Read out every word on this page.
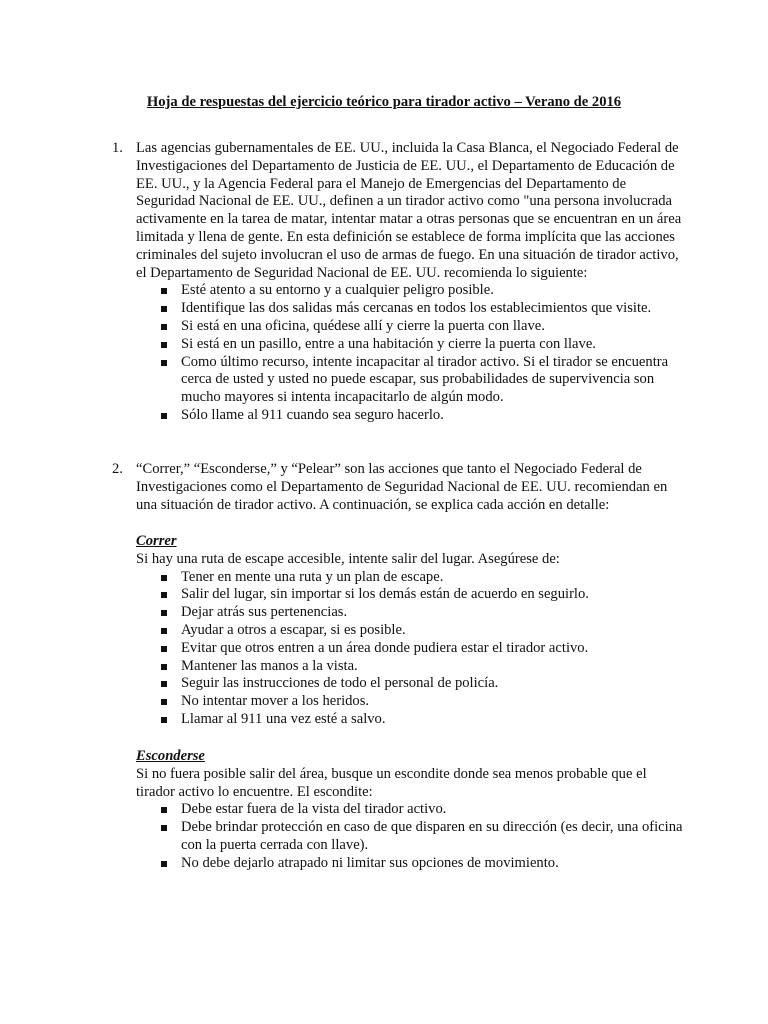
Hoja de respuestas del ejercicio teórico para tirador activo – Verano de 2016
1. Las agencias gubernamentales de EE. UU., incluida la Casa Blanca, el Negociado Federal de Investigaciones del Departamento de Justicia de EE. UU., el Departamento de Educación de EE. UU., y la Agencia Federal para el Manejo de Emergencias del Departamento de Seguridad Nacional de EE. UU., definen a un tirador activo como "una persona involucrada activamente en la tarea de matar, intentar matar a otras personas que se encuentran en un área limitada y llena de gente. En esta definición se establece de forma implícita que las acciones criminales del sujeto involucran el uso de armas de fuego. En una situación de tirador activo, el Departamento de Seguridad Nacional de EE. UU. recomienda lo siguiente:

Esté atento a su entorno y a cualquier peligro posible.
Identifique las dos salidas más cercanas en todos los establecimientos que visite.
Si está en una oficina, quédese allí y cierre la puerta con llave.
Si está en un pasillo, entre a una habitación y cierre la puerta con llave.
Como último recurso, intente incapacitar al tirador activo. Si el tirador se encuentra cerca de usted y usted no puede escapar, sus probabilidades de supervivencia son mucho mayores si intenta incapacitarlo de algún modo.
Sólo llame al 911 cuando sea seguro hacerlo.
2. “Correr,” “Esconderse,” y “Pelear” son las acciones que tanto el Negociado Federal de Investigaciones como el Departamento de Seguridad Nacional de EE. UU. recomiendan en una situación de tirador activo. A continuación, se explica cada acción en detalle:

Correr

Si hay una ruta de escape accesible, intente salir del lugar. Asegúrese de:

Tener en mente una ruta y un plan de escape.
Salir del lugar, sin importar si los demás están de acuerdo en seguirlo.
Dejar atrás sus pertenencias.
Ayudar a otros a escapar, si es posible.
Evitar que otros entren a un área donde pudiera estar el tirador activo.
Mantener las manos a la vista.
Seguir las instrucciones de todo el personal de policía.
No intentar mover a los heridos.
Llamar al 911 una vez esté a salvo.
Esconderse

Si no fuera posible salir del área, busque un escondite donde sea menos probable que el tirador activo lo encuentre. El escondite:

Debe estar fuera de la vista del tirador activo.
Debe brindar protección en caso de que disparen en su dirección (es decir, una oficina con la puerta cerrada con llave).
No debe dejarlo atrapado ni limitar sus opciones de movimiento.
